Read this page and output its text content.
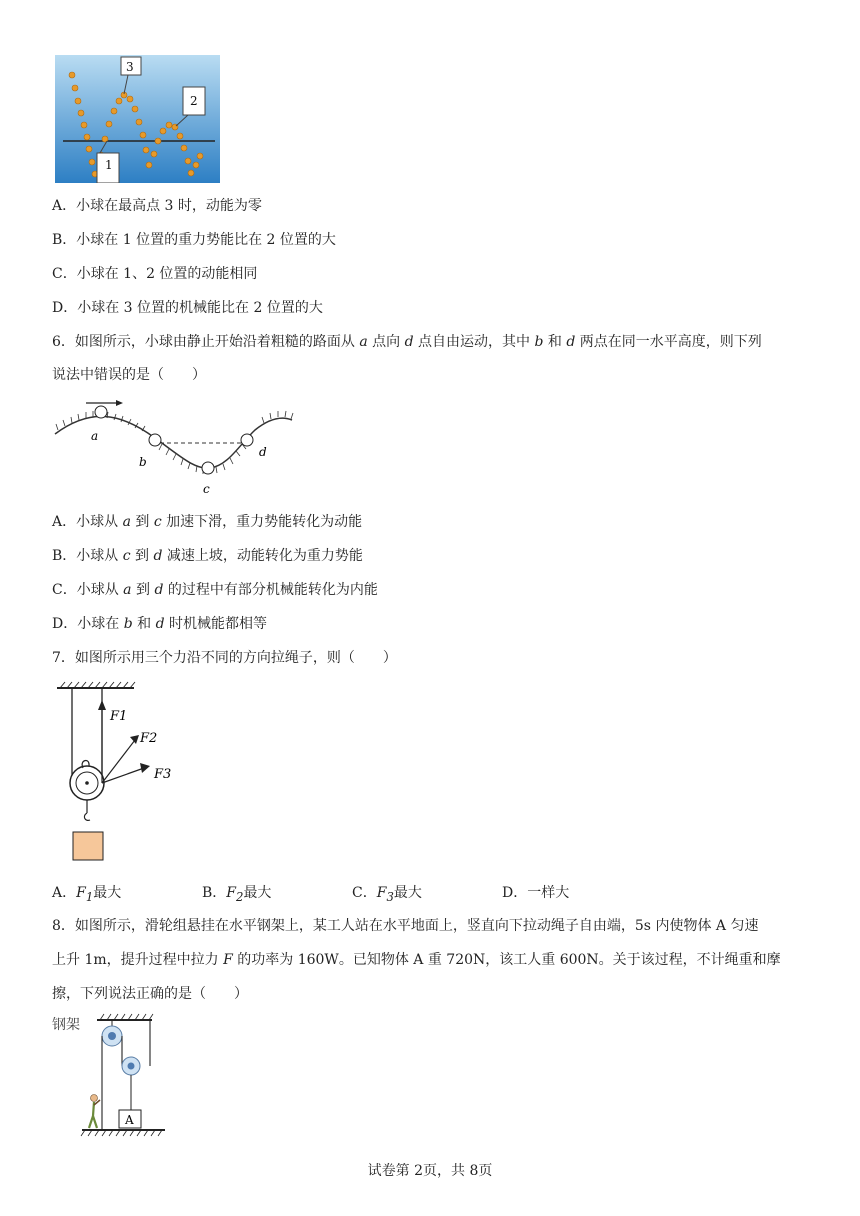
3
2
1
A．小球在最高点 3 时，动能为零
B．小球在 1 位置的重力势能比在 2 位置的大
C．小球在 1、2 位置的动能相同
D．小球在 3 位置的机械能比在 2 位置的大
6．如图所示，小球由静止开始沿着粗糙的路面从 a 点向 d 点自由运动，其中 b 和 d 两点在同一水平高度，则下列
说法中错误的是（　　）
a
b
c
d
A．小球从 a 到 c 加速下滑，重力势能转化为动能
B．小球从 c 到 d 减速上坡，动能转化为重力势能
C．小球从 a 到 d 的过程中有部分机械能转化为内能
D．小球在 b 和 d 时机械能都相等
7．如图所示用三个力沿不同的方向拉绳子，则（　　）
F1
F2
F3
A．$F_1$最大	B．$F_2$最大	C．$F_3$最大	D．一样大
8．如图所示，滑轮组悬挂在水平钢架上，某工人站在水平地面上，竖直向下拉动绳子自由端，5s 内使物体 A 匀速
上升 1m，提升过程中拉力 F 的功率为 160W。已知物体 A 重 720N，该工人重 600N。关于该过程，不计绳重和摩
擦，下列说法正确的是（　　）
钢架
A
试卷第 2页，共 8页
